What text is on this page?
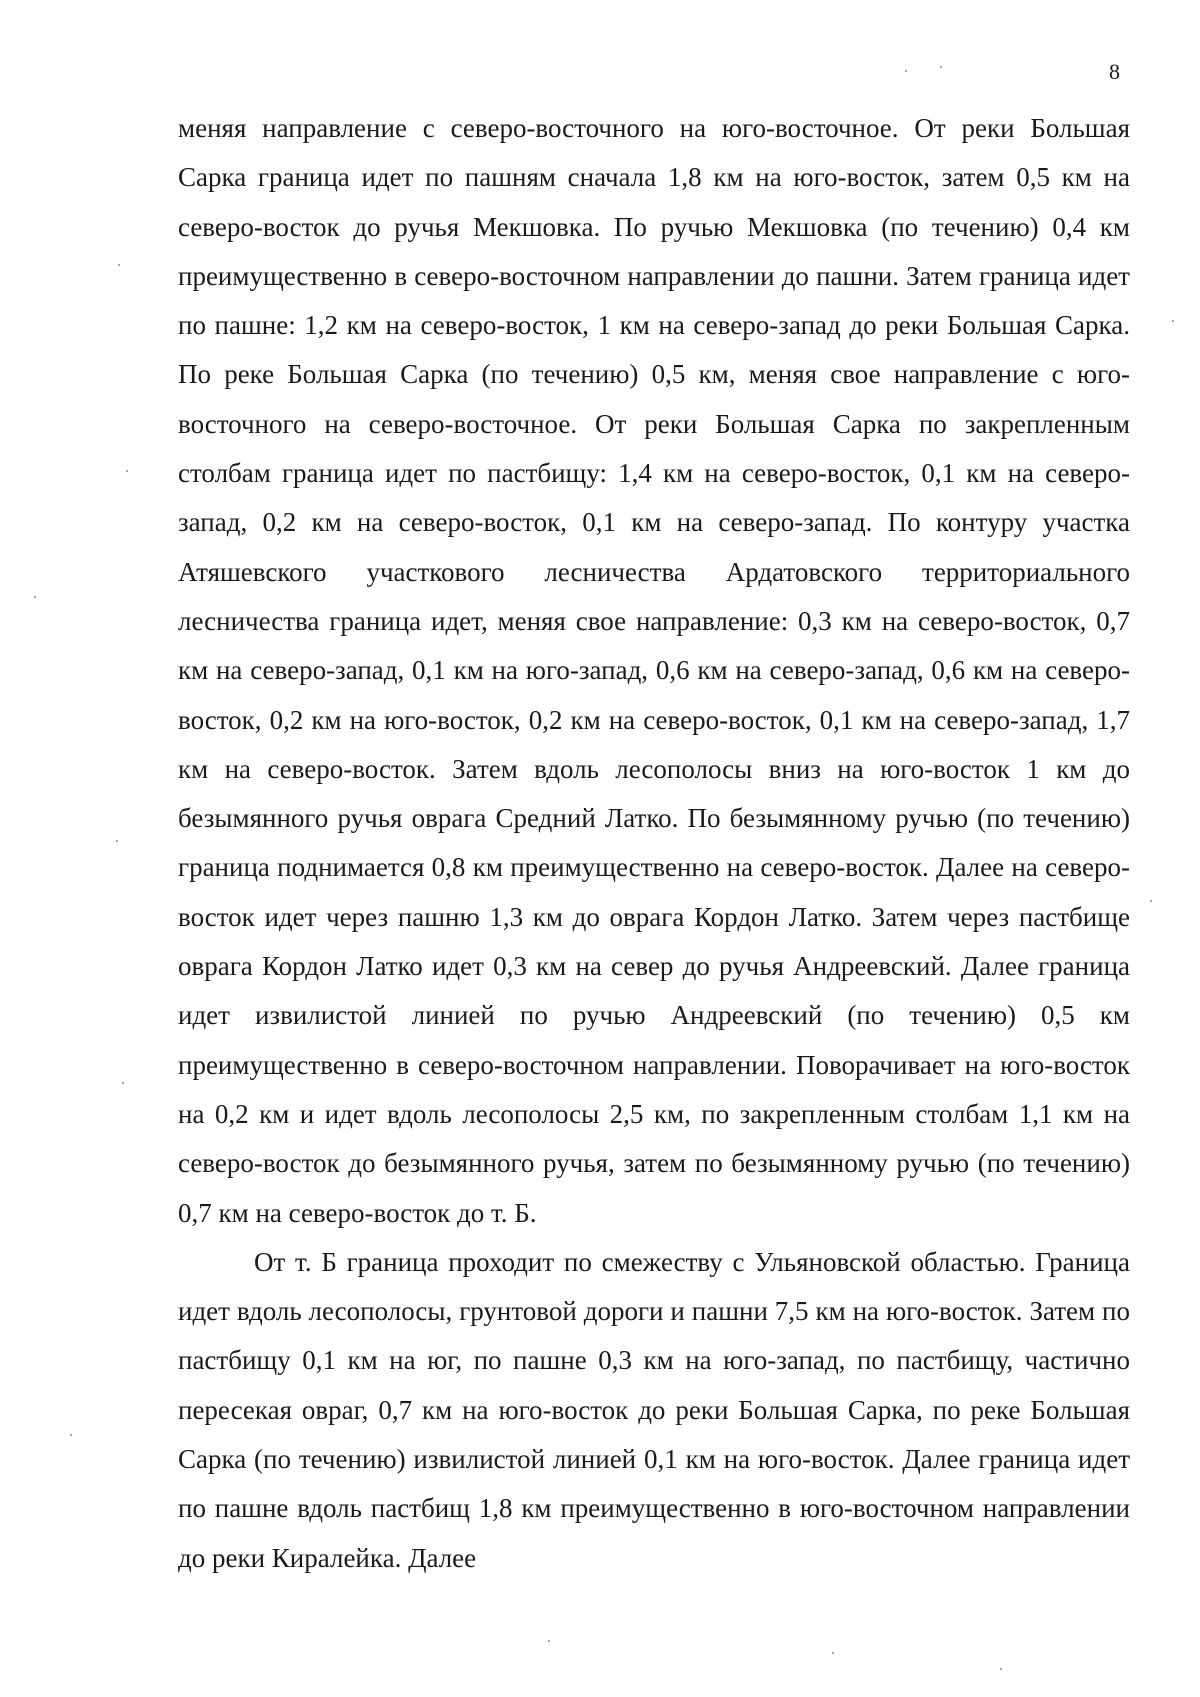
8

меняя направление с северо-восточного на юго-восточное. От реки Большая Сарка граница идет по пашням сначала 1,8 км на юго-восток, затем 0,5 км на северо-восток до ручья Мекшовка. По ручью Мекшовка (по течению) 0,4 км преимущественно в северо-восточном направлении до пашни. Затем граница идет по пашне: 1,2 км на северо-восток, 1 км на северо-запад до реки Большая Сарка. По реке Большая Сарка (по течению) 0,5 км, меняя свое направление с юго-восточного на северо-восточное. От реки Большая Сарка по закрепленным столбам граница идет по пастбищу: 1,4 км на северо-восток, 0,1 км на северо-запад, 0,2 км на северо-восток, 0,1 км на северо-запад. По контуру участка Атяшевского участкового лесничества Ардатовского территориального лесничества граница идет, меняя свое направление: 0,3 км на северо-восток, 0,7 км на северо-запад, 0,1 км на юго-запад, 0,6 км на северо-запад, 0,6 км на северо-восток, 0,2 км на юго-восток, 0,2 км на северо-восток, 0,1 км на северо-запад, 1,7 км на северо-восток. Затем вдоль лесополосы вниз на юго-восток 1 км до безымянного ручья оврага Средний Латко. По безымянному ручью (по течению) граница поднимается 0,8 км преимущественно на северо-восток. Далее на северо-восток идет через пашню 1,3 км до оврага Кордон Латко. Затем через пастбище оврага Кордон Латко идет 0,3 км на север до ручья Андреевский. Далее граница идет извилистой линией по ручью Андреевский (по течению) 0,5 км преимущественно в северо-восточном направлении. Поворачивает на юго-восток на 0,2 км и идет вдоль лесополосы 2,5 км, по закрепленным столбам 1,1 км на северо-восток до безымянного ручья, затем по безымянному ручью (по течению) 0,7 км на северо-восток до т. Б.

От т. Б граница проходит по смежеству с Ульяновской областью. Граница идет вдоль лесополосы, грунтовой дороги и пашни 7,5 км на юго-восток. Затем по пастбищу 0,1 км на юг, по пашне 0,3 км на юго-запад, по пастбищу, частично пересекая овраг, 0,7 км на юго-восток до реки Большая Сарка, по реке Большая Сарка (по течению) извилистой линией 0,1 км на юго-восток. Далее граница идет по пашне вдоль пастбищ 1,8 км преимущественно в юго-восточном направлении до реки Киралейка. Далее
